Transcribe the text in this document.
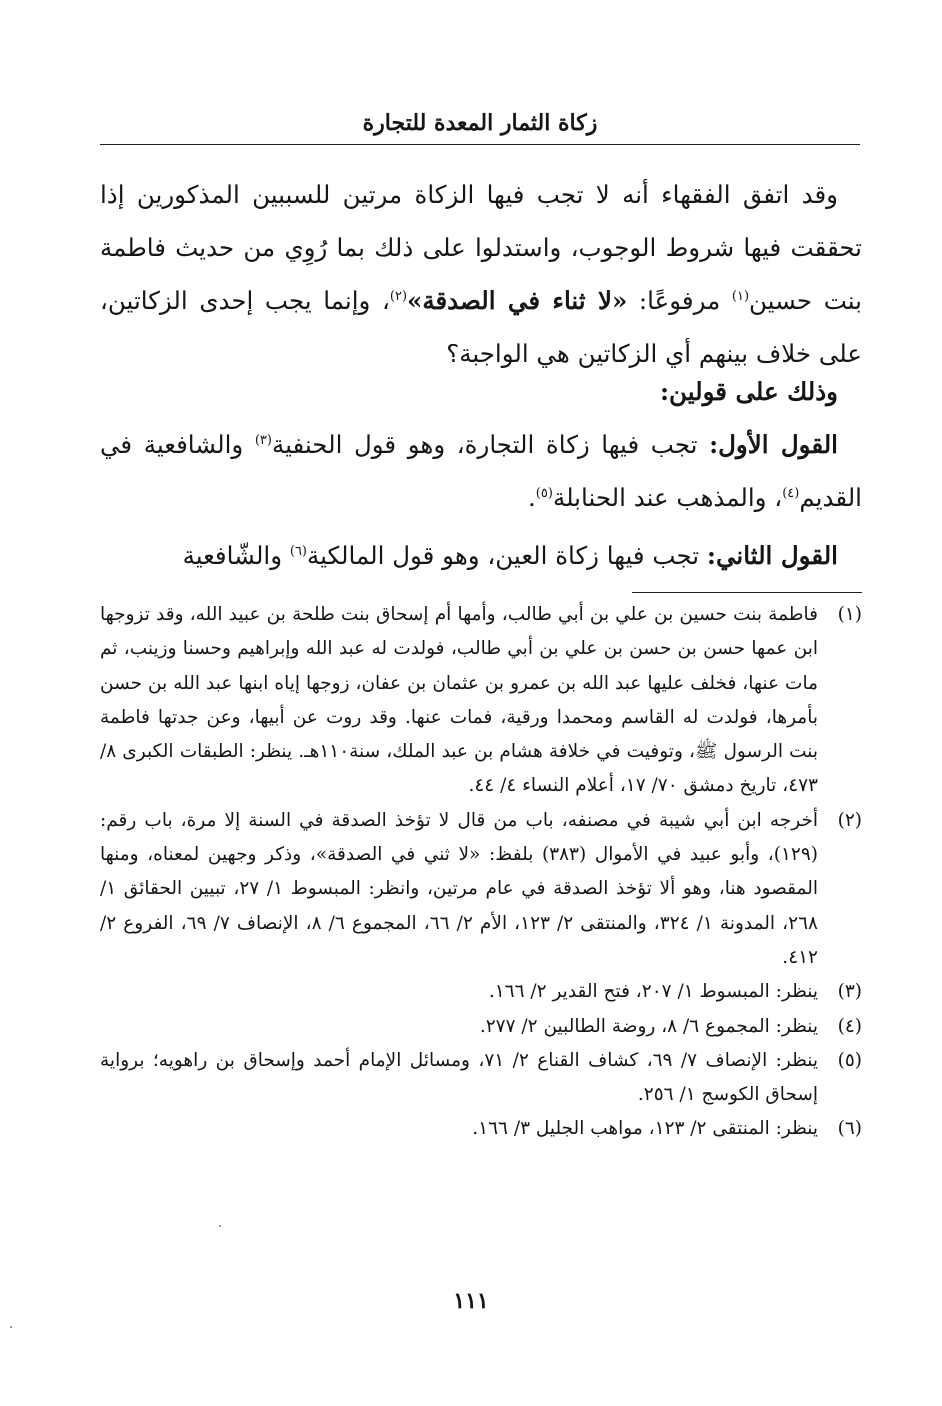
زكاة الثمار المعدة للتجارة

وقد اتفق الفقهاء أنه لا تجب فيها الزكاة مرتين للسببين المذكورين إذا تحققت فيها شروط الوجوب، واستدلوا على ذلك بما رُوِي من حديث فاطمة بنت حسين$^{(١)}$ مرفوعًا: «لا ثناء في الصدقة»$^{(٢)}$، وإنما يجب إحدى الزكاتين، على خلاف بينهم أي الزكاتين هي الواجبة؟

وذلك على قولين:

القول الأول: تجب فيها زكاة التجارة، وهو قول الحنفية$^{(٣)}$ والشافعية في القديم$^{(٤)}$، والمذهب عند الحنابلة$^{(٥)}$.

القول الثاني: تجب فيها زكاة العين، وهو قول المالكية$^{(٦)}$ والشّافعية

(١)
فاطمة بنت حسين بن علي بن أبي طالب، وأمها أم إسحاق بنت طلحة بن عبيد الله، وقد تزوجها ابن عمها حسن بن حسن بن علي بن أبي طالب، فولدت له عبد الله وإبراهيم وحسنا وزينب، ثم مات عنها، فخلف عليها عبد الله بن عمرو بن عثمان بن عفان، زوجها إياه ابنها عبد الله بن حسن بأمرها، فولدت له القاسم ومحمدا ورقية، فمات عنها. وقد روت عن أبيها، وعن جدتها فاطمة بنت الرسول ﷺ، وتوفيت في خلافة هشام بن عبد الملك، سنة١١٠هـ. ينظر: الطبقات الكبرى ٨/ ٤٧٣، تاريخ دمشق ٧٠/ ١٧، أعلام النساء ٤/ ٤٤.
(٢)
أخرجه ابن أبي شيبة في مصنفه، باب من قال لا تؤخذ الصدقة في السنة إلا مرة، باب رقم: (١٢٩)، وأبو عبيد في الأموال (٣٨٣) بلفظ: «لا ثني في الصدقة»، وذكر وجهين لمعناه، ومنها المقصود هنا، وهو ألا تؤخذ الصدقة في عام مرتين، وانظر: المبسوط ١/ ٢٧، تبيين الحقائق ١/ ٢٦٨، المدونة ١/ ٣٢٤، والمنتقى ٢/ ١٢٣، الأم ٢/ ٦٦، المجموع ٦/ ٨، الإنصاف ٧/ ٦٩، الفروع ٢/ ٤١٢.
(٣)
ينظر: المبسوط ١/ ٢٠٧، فتح القدير ٢/ ١٦٦.
(٤)
ينظر: المجموع ٦/ ٨، روضة الطالبين ٢/ ٢٧٧.
(٥)
ينظر: الإنصاف ٧/ ٦٩، كشاف القناع ٢/ ٧١، ومسائل الإمام أحمد وإسحاق بن راهويه؛ برواية إسحاق الكوسج ١/ ٢٥٦.
(٦)
ينظر: المنتقى ٢/ ١٢٣، مواهب الجليل ٣/ ١٦٦.
١١١
